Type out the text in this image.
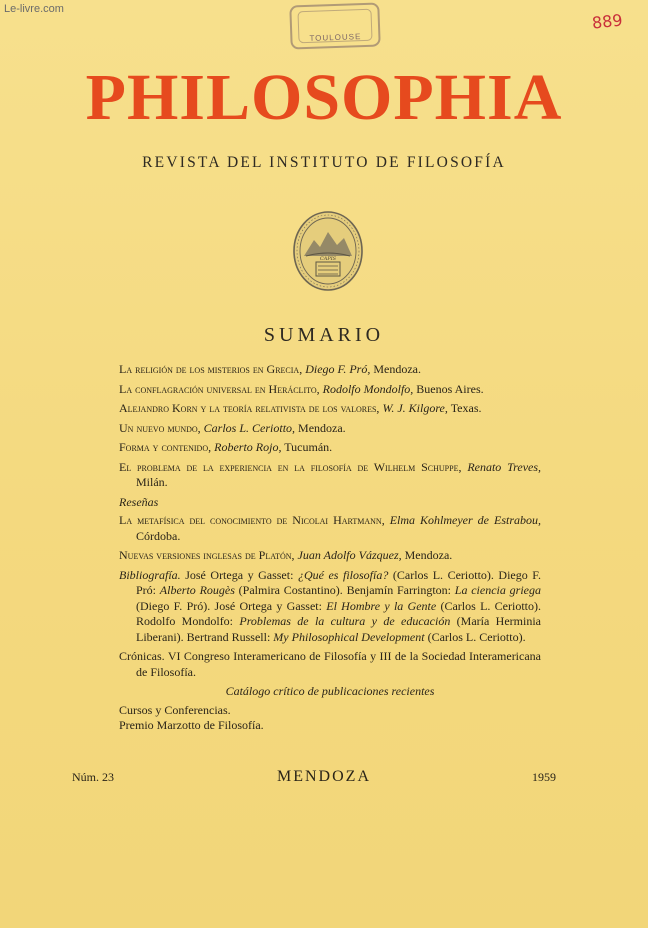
Le-livre.com
TOULOUSE
889
PHILOSOPHIA
REVISTA DEL INSTITUTO DE FILOSOFÍA
CAPIS
SUMARIO
La religión de los misterios en Grecia, Diego F. Pró, Mendoza.
La conflagración universal en Heráclito, Rodolfo Mondolfo, Buenos Aires.
Alejandro Korn y la teoría relativista de los valores, W. J. Kilgore, Texas.
Un nuevo mundo, Carlos L. Ceriotto, Mendoza.
Forma y contenido, Roberto Rojo, Tucumán.
El problema de la experiencia en la filosofía de Wilhelm Schuppe, Renato Treves, Milán.
Reseñas
La metafísica del conocimiento de Nicolai Hartmann, Elma Kohlmeyer de Estrabou, Córdoba.
Nuevas versiones inglesas de Platón, Juan Adolfo Vázquez, Mendoza.
Bibliografía. José Ortega y Gasset: ¿Qué es filosofía? (Carlos L. Ceriotto). Diego F. Pró: Alberto Rougès (Palmira Costantino). Benjamín Farrington: La ciencia griega (Diego F. Pró). José Ortega y Gasset: El Hombre y la Gente (Carlos L. Ceriotto). Rodolfo Mondolfo: Problemas de la cultura y de educación (María Herminia Liberani). Bertrand Russell: My Philosophical Development (Carlos L. Ceriotto).
Crónicas. VI Congreso Interamericano de Filosofía y III de la Sociedad Interamericana de Filosofía.
Catálogo crítico de publicaciones recientes
Cursos y Conferencias.
Premio Marzotto de Filosofía.
Núm. 23	MENDOZA	1959
